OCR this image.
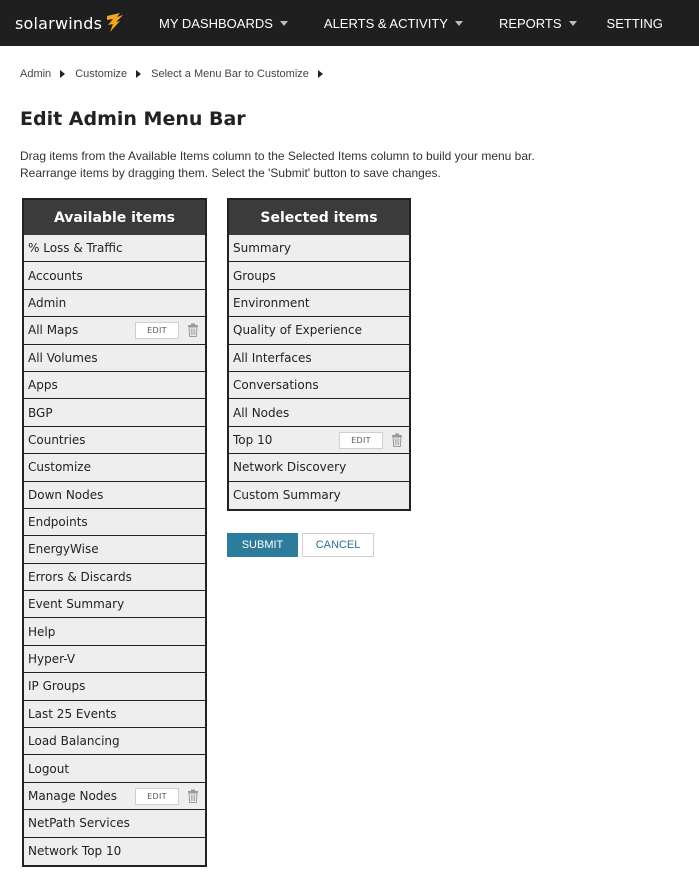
solarwinds	MY DASHBOARDS	ALERTS & ACTIVITY	REPORTS	SETTING
Admin Customize Select a Menu Bar to Customize
Edit Admin Menu Bar
Drag items from the Available Items column to the Selected Items column to build your menu bar.
Rearrange items by dragging them. Select the 'Submit' button to save changes.
Available items
% Loss & Traffic
Accounts
Admin
All Maps	EDIT
All Volumes
Apps
BGP
Countries
Customize
Down Nodes
Endpoints
EnergyWise
Errors & Discards
Event Summary
Help
Hyper-V
IP Groups
Last 25 Events
Load Balancing
Logout
Manage Nodes	EDIT
NetPath Services
Network Top 10
Selected items
Summary
Groups
Environment
Quality of Experience
All Interfaces
Conversations
All Nodes
Top 10	EDIT
Network Discovery
Custom Summary
SUBMIT	CANCEL
